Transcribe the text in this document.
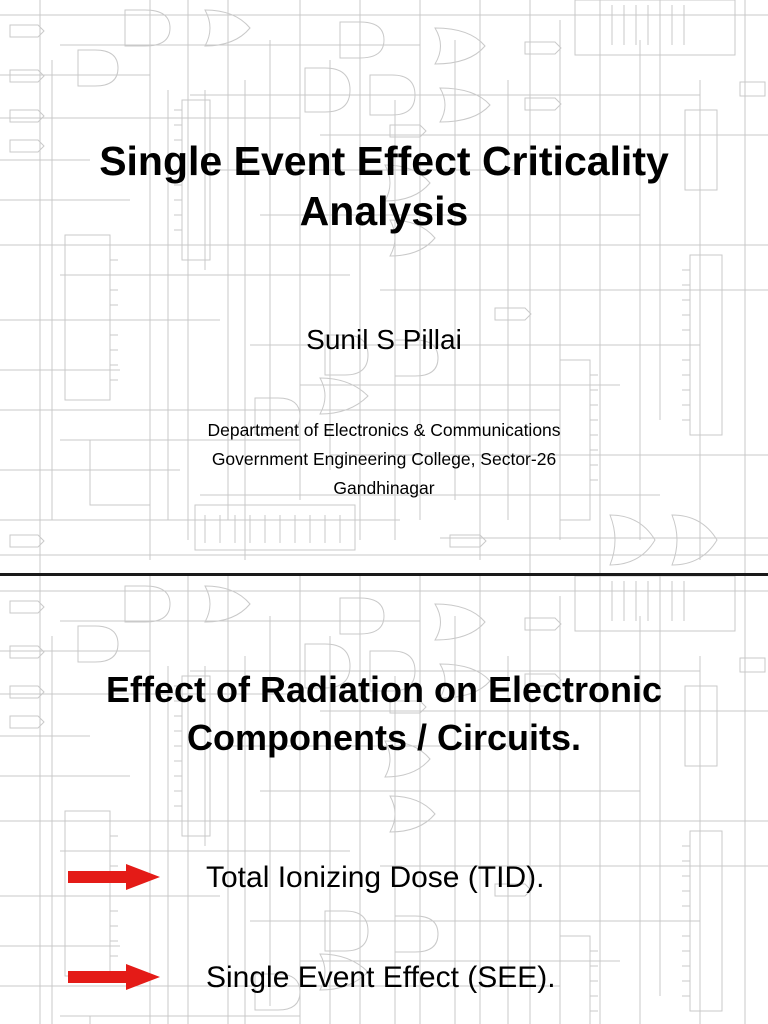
Single Event Effect Criticality
Analysis
Sunil S Pillai
Department of Electronics & Communications
Government Engineering College, Sector-26
Gandhinagar
Effect of Radiation on Electronic
Components / Circuits.
Total Ionizing Dose (TID).
Single Event Effect (SEE).
